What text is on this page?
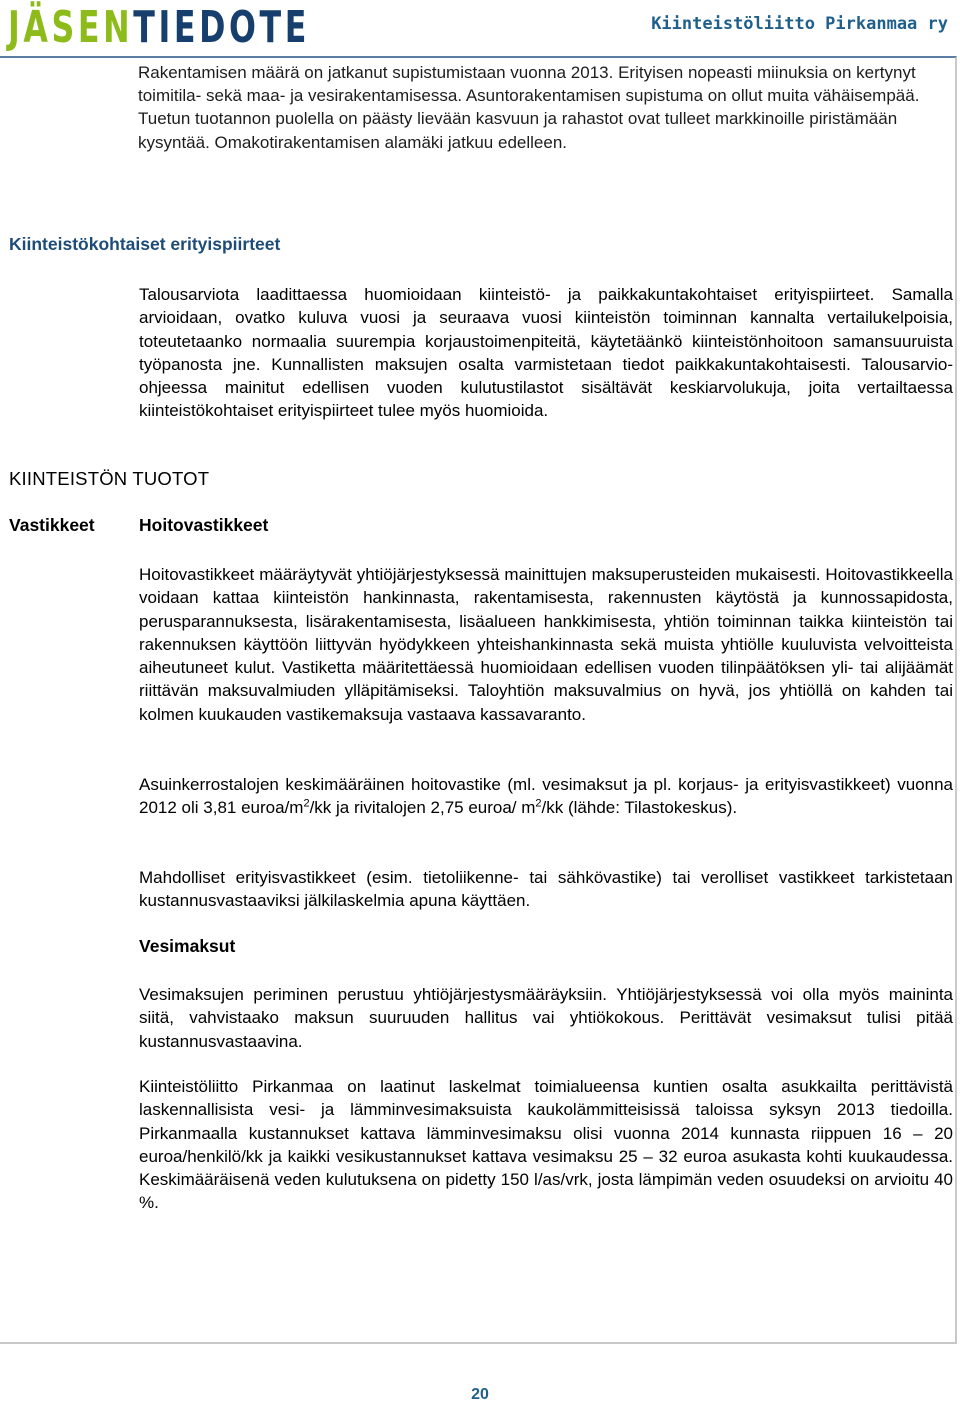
JÄSENTIEDOTE	Kiinteistöliitto Pirkanmaa ry

Rakentamisen määrä on jatkanut supistumistaan vuonna 2013. Erityisen nopeasti miinuksia on kertynyt toimitila- sekä maa- ja vesirakentamisessa. Asuntorakentamisen supistuma on ollut muita vähäisempää. Tuetun tuotannon puolella on päästy lievään kasvuun ja rahastot ovat tulleet markkinoille piristämään kysyntää. Omakotirakentamisen alamäki jatkuu edelleen.

Kiinteistökohtaiset erityispiirteet

Talousarviota laadittaessa huomioidaan kiinteistö- ja paikkakuntakohtaiset erityispiirteet. Samalla arvioidaan, ovatko kuluva vuosi ja seuraava vuosi kiinteistön toiminnan kannalta vertailukelpoisia, toteutetaanko normaalia suurempia korjaustoimenpiteitä, käytetäänkö kiinteistönhoitoon samansuuruista työpanosta jne. Kunnallisten maksujen osalta varmistetaan tiedot paikkakuntakohtaisesti. Talousarvio-ohjeessa mainitut edellisen vuoden kulutustilastot sisältävät keskiarvolukuja, joita vertailtaessa kiinteistökohtaiset erityispiirteet tulee myös huomioida.

KIINTEISTÖN TUOTOT
Vastikkeet	Hoitovastikkeet

Hoitovastikkeet määräytyvät yhtiöjärjestyksessä mainittujen maksuperusteiden mukaisesti. Hoitovastikkeella voidaan kattaa kiinteistön hankinnasta, rakentamisesta, rakennusten käytöstä ja kunnossapidosta, perusparannuksesta, lisärakentamisesta, lisäalueen hankkimisesta, yhtiön toiminnan taikka kiinteistön tai rakennuksen käyttöön liittyvän hyödykkeen yhteishankinnasta sekä muista yhtiölle kuuluvista velvoitteista aiheutuneet kulut. Vastiketta määritettäessä huomioidaan edellisen vuoden tilinpäätöksen yli- tai alijäämät riittävän maksuvalmiuden ylläpitämiseksi. Taloyhtiön maksuvalmius on hyvä, jos yhtiöllä on kahden tai kolmen kuukauden vastikemaksuja vastaava kassavaranto.

Asuinkerrostalojen keskimääräinen hoitovastike (ml. vesimaksut ja pl. korjaus- ja erityisvastikkeet) vuonna 2012 oli 3,81 euroa/$m^2/kk$ ja rivitalojen 2,75 euroa/ $m^2/kk$ (lähde: Tilastokeskus).

Mahdolliset erityisvastikkeet (esim. tietoliikenne- tai sähkövastike) tai verolliset vastikkeet tarkistetaan kustannusvastaaviksi jälkilaskelmia apuna käyttäen.

Vesimaksut

Vesimaksujen periminen perustuu yhtiöjärjestysmääräyksiin. Yhtiöjärjestyksessä voi olla myös maininta siitä, vahvistaako maksun suuruuden hallitus vai yhtiökokous. Perittävät vesimaksut tulisi pitää kustannusvastaavina.

Kiinteistöliitto Pirkanmaa on laatinut laskelmat toimialueensa kuntien osalta asukkailta perittävistä laskennallisista vesi- ja lämminvesimaksuista kaukolämmitteisissä taloissa syksyn 2013 tiedoilla. Pirkanmaalla kustannukset kattava lämminvesimaksu olisi vuonna 2014 kunnasta riippuen 16 – 20 euroa/henkilö/kk ja kaikki vesikustannukset kattava vesimaksu 25 – 32 euroa asukasta kohti kuukaudessa. Keskimääräisenä veden kulutuksena on pidetty 150 l/as/vrk, josta lämpimän veden osuudeksi on arvioitu 40 %.

20
